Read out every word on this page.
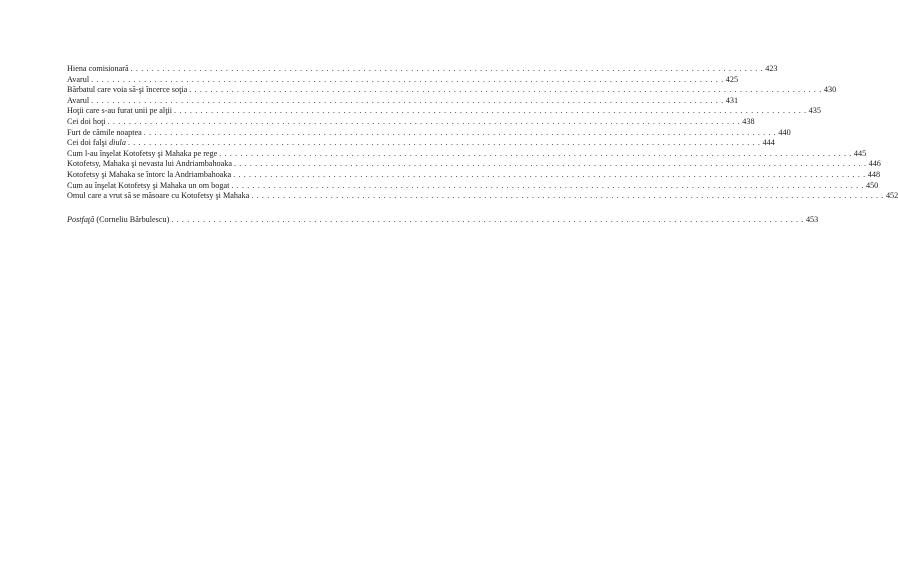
Hiena comisionară . . . . . . . . . . . . . . . . . . . . . . . . . . . . . . . . . . . . . . . . . . . . . . . . . . . . . . . . . . . . . . . . . . . . . . . . . . . . . . . . . . . . . . . . . . . . . . . . . . . . . . . . . . . . . . . . . . . . . . . . 423
Avarul . . . . . . . . . . . . . . . . . . . . . . . . . . . . . . . . . . . . . . . . . . . . . . . . . . . . . . . . . . . . . . . . . . . . . . . . . . . . . . . . . . . . . . . . . . . . . . . . . . . . . . . . . . . . . . . . . . . . . . . . 425
Bărbatul care voia să-şi încerce soţia . . . . . . . . . . . . . . . . . . . . . . . . . . . . . . . . . . . . . . . . . . . . . . . . . . . . . . . . . . . . . . . . . . . . . . . . . . . . . . . . . . . . . . . . . . . . . . . . . . . . . . . . . . . . . . . . . . . . . . . . 430
Avarul . . . . . . . . . . . . . . . . . . . . . . . . . . . . . . . . . . . . . . . . . . . . . . . . . . . . . . . . . . . . . . . . . . . . . . . . . . . . . . . . . . . . . . . . . . . . . . . . . . . . . . . . . . . . . . . . . . . . . . . . 431
Hoţii care s-au furat unii pe alţii . . . . . . . . . . . . . . . . . . . . . . . . . . . . . . . . . . . . . . . . . . . . . . . . . . . . . . . . . . . . . . . . . . . . . . . . . . . . . . . . . . . . . . . . . . . . . . . . . . . . . . . . . . . . . . . . . . . . . . . . 435
Cei doi hoţi . . . . . . . . . . . . . . . . . . . . . . . . . . . . . . . . . . . . . . . . . . . . . . . . . . . . . . . . . . . . . . . . . . . . . . . . . . . . . . . . . . . . . . . . . . . . . . . . . . . . . . . . . . . . . . . . . . . . . . . . 438
Furt de cămile noaptea . . . . . . . . . . . . . . . . . . . . . . . . . . . . . . . . . . . . . . . . . . . . . . . . . . . . . . . . . . . . . . . . . . . . . . . . . . . . . . . . . . . . . . . . . . . . . . . . . . . . . . . . . . . . . . . . . . . . . . . . 440
Cei doi falşi diula . . . . . . . . . . . . . . . . . . . . . . . . . . . . . . . . . . . . . . . . . . . . . . . . . . . . . . . . . . . . . . . . . . . . . . . . . . . . . . . . . . . . . . . . . . . . . . . . . . . . . . . . . . . . . . . . . . . . . . . . 444
Cum l-au înşelat Kotofetsy şi Mahaka pe rege . . . . . . . . . . . . . . . . . . . . . . . . . . . . . . . . . . . . . . . . . . . . . . . . . . . . . . . . . . . . . . . . . . . . . . . . . . . . . . . . . . . . . . . . . . . . . . . . . . . . . . . . . . . . . . . . . . . . . . . . 445
Kotofetsy, Mahaka şi nevasta lui Andriambahoaka . . . . . . . . . . . . . . . . . . . . . . . . . . . . . . . . . . . . . . . . . . . . . . . . . . . . . . . . . . . . . . . . . . . . . . . . . . . . . . . . . . . . . . . . . . . . . . . . . . . . . . . . . . . . . . . . . . . . . . . . 446
Kotofetsy şi Mahaka se întorc la Andriambahoaka . . . . . . . . . . . . . . . . . . . . . . . . . . . . . . . . . . . . . . . . . . . . . . . . . . . . . . . . . . . . . . . . . . . . . . . . . . . . . . . . . . . . . . . . . . . . . . . . . . . . . . . . . . . . . . . . . . . . . . . . 448
Cum au înşelat Kotofetsy şi Mahaka un om bogat . . . . . . . . . . . . . . . . . . . . . . . . . . . . . . . . . . . . . . . . . . . . . . . . . . . . . . . . . . . . . . . . . . . . . . . . . . . . . . . . . . . . . . . . . . . . . . . . . . . . . . . . . . . . . . . . . . . . . . . . 450
Omul care a vrut să se măsoare cu Kotofetsy şi Mahaka . . . . . . . . . . . . . . . . . . . . . . . . . . . . . . . . . . . . . . . . . . . . . . . . . . . . . . . . . . . . . . . . . . . . . . . . . . . . . . . . . . . . . . . . . . . . . . . . . . . . . . . . . . . . . . . . . . . . . . . . 452
Postfaţă (Corneliu Bărbulescu) . . . . . . . . . . . . . . . . . . . . . . . . . . . . . . . . . . . . . . . . . . . . . . . . . . . . . . . . . . . . . . . . . . . . . . . . . . . . . . . . . . . . . . . . . . . . . . . . . . . . . . . . . . . . . . . . . . . . . . . . 453
